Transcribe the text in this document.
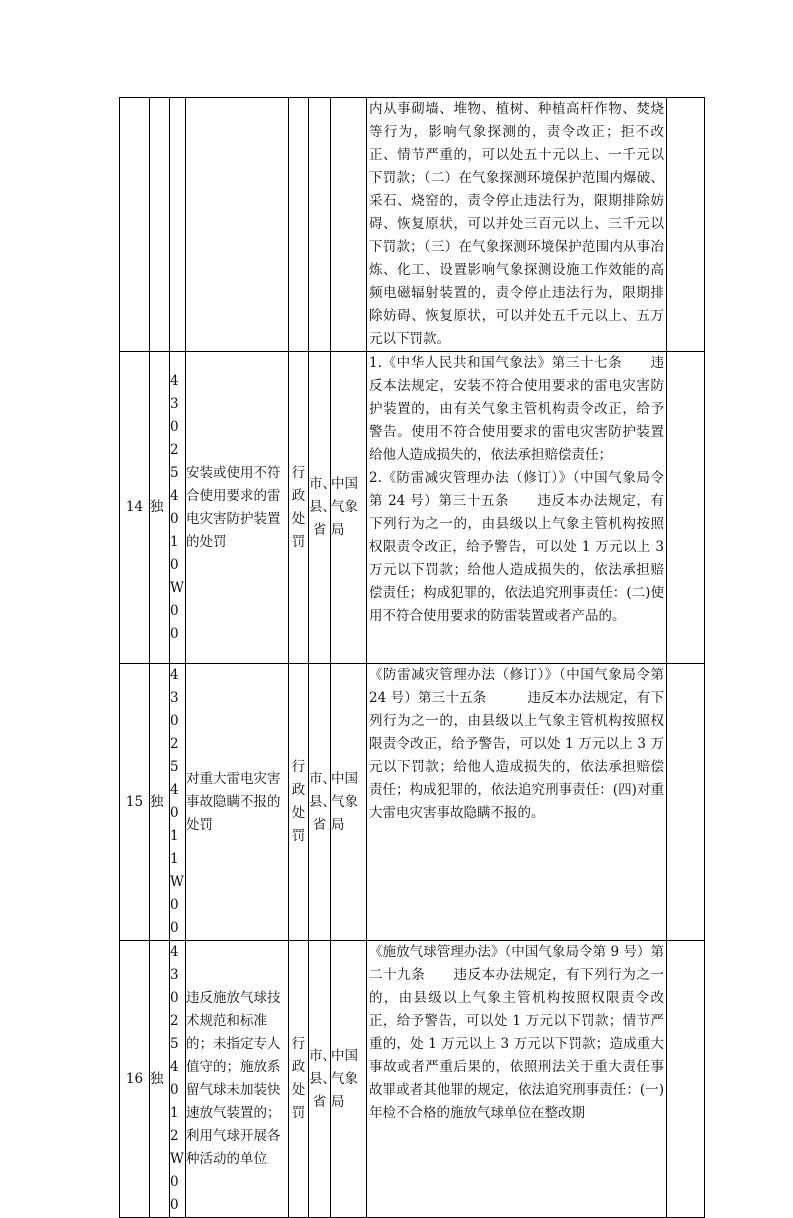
							内从事砌墙、堆物、植树、种植高杆作物、焚烧等行为，影响气象探测的，责令改正；拒不改正、情节严重的，可以处五十元以上、一千元以下罚款；（二）在气象探测环境保护范围内爆破、采石、烧窑的，责令停止违法行为，限期排除妨碍、恢复原状，可以并处三百元以上、三千元以下罚款；（三）在气象探测环境保护范围内从事冶炼、化工、设置影响气象探测设施工作效能的高频电磁辐射装置的，责令停止违法行为，限期排除妨碍、恢复原状，可以并处五千元以上、五万元以下罚款。	

14	独	43025401 0W00	安装或使用不符合使用要求的雷电灾害防护装置的处罚	行政处罚	市、县、省	中国气象局	1.《中华人民共和国气象法》第三十七条　　违反本法规定，安装不符合使用要求的雷电灾害防护装置的，由有关气象主管机构责令改正，给予警告。使用不符合使用要求的雷电灾害防护装置给他人造成损失的，依法承担赔偿责任；
2.《防雷减灾管理办法（修订）》（中国气象局令第 24 号）第三十五条　　违反本办法规定，有下列行为之一的，由县级以上气象主管机构按照权限责令改正，给予警告，可以处 1 万元以上 3 万元以下罚款；给他人造成损失的，依法承担赔偿责任；构成犯罪的，依法追究刑事责任：(二)使用不符合使用要求的防雷装置或者产品的。	

15	独	43025401 1W00	对重大雷电灾害事故隐瞒不报的处罚	行政处罚	市、县、省	中国气象局	《防雷减灾管理办法（修订）》（中国气象局令第 24 号）第三十五条　　　违反本办法规定，有下列行为之一的，由县级以上气象主管机构按照权限责令改正，给予警告，可以处 1 万元以上 3 万元以下罚款；给他人造成损失的，依法承担赔偿责任；构成犯罪的，依法追究刑事责任：(四)对重大雷电灾害事故隐瞒不报的。	

16	独	43025401 2W00	违反施放气球技术规范和标准的；未指定专人值守的；施放系留气球未加装快速放气装置的；利用气球开展各种活动的单位	行政处罚	市、县、省	中国气象局	《施放气球管理办法》（中国气象局令第 9 号）第二十九条　　违反本办法规定，有下列行为之一的，由县级以上气象主管机构按照权限责令改正，给予警告，可以处 1 万元以下罚款；情节严重的，处 1 万元以上 3 万元以下罚款；造成重大事故或者严重后果的，依照刑法关于重大责任事故罪或者其他罪的规定，依法追究刑事责任：(一)年检不合格的施放气球单位在整改期	
